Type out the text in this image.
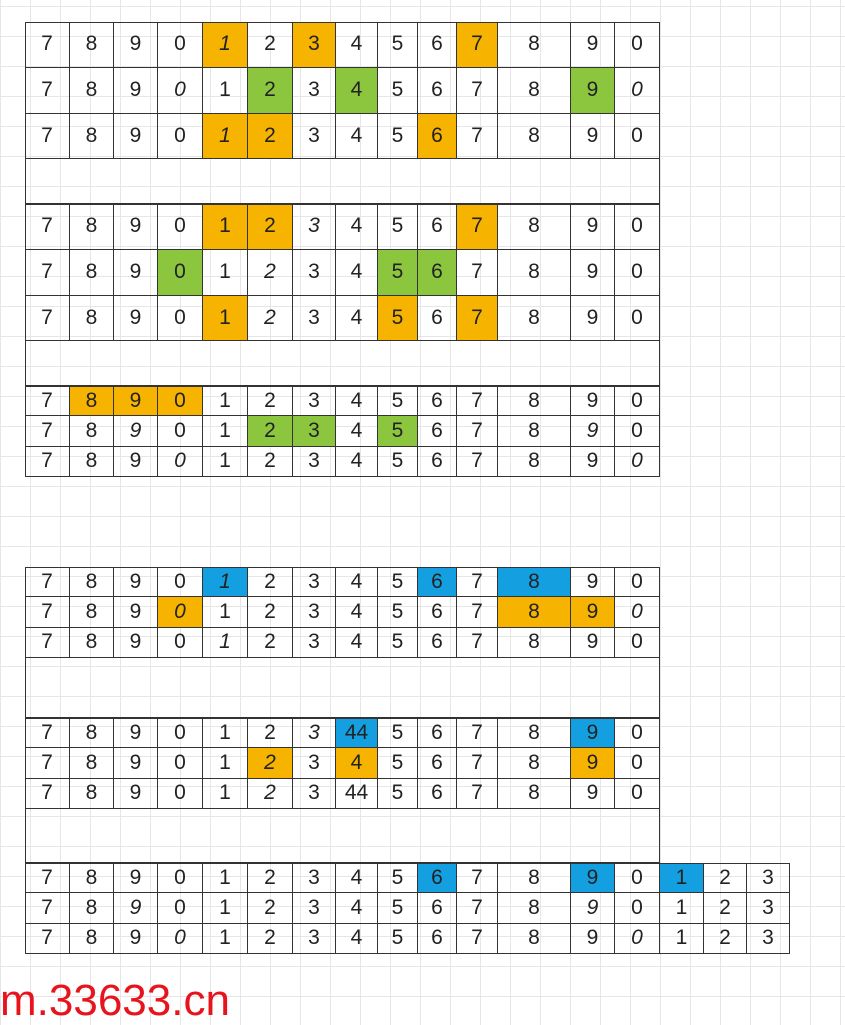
7	8	9	0	1	2	3	4	5	6	7	8	9	0
7	8	9	0	1	2	3	4	5	6	7	8	9	0
7	8	9	0	1	2	3	4	5	6	7	8	9	0
7	8	9	0	1	2	3	4	5	6	7	8	9	0
7	8	9	0	1	2	3	4	5	6	7	8	9	0
7	8	9	0	1	2	3	4	5	6	7	8	9	0
7	8	9	0	1	2	3	4	5	6	7	8	9	0
7	8	9	0	1	2	3	4	5	6	7	8	9	0
7	8	9	0	1	2	3	4	5	6	7	8	9	0
7	8	9	0	1	2	3	4	5	6	7	8	9	0
7	8	9	0	1	2	3	4	5	6	7	8	9	0
7	8	9	0	1	2	3	4	5	6	7	8	9	0
7	8	9	0	1	2	3	44	5	6	7	8	9	0
7	8	9	0	1	2	3	4	5	6	7	8	9	0
7	8	9	0	1	2	3	44	5	6	7	8	9	0
7	8	9	0	1	2	3	4	5	6	7	8	9	0	1	2	3
7	8	9	0	1	2	3	4	5	6	7	8	9	0	1	2	3
7	8	9	0	1	2	3	4	5	6	7	8	9	0	1	2	3
m.33633.cn
